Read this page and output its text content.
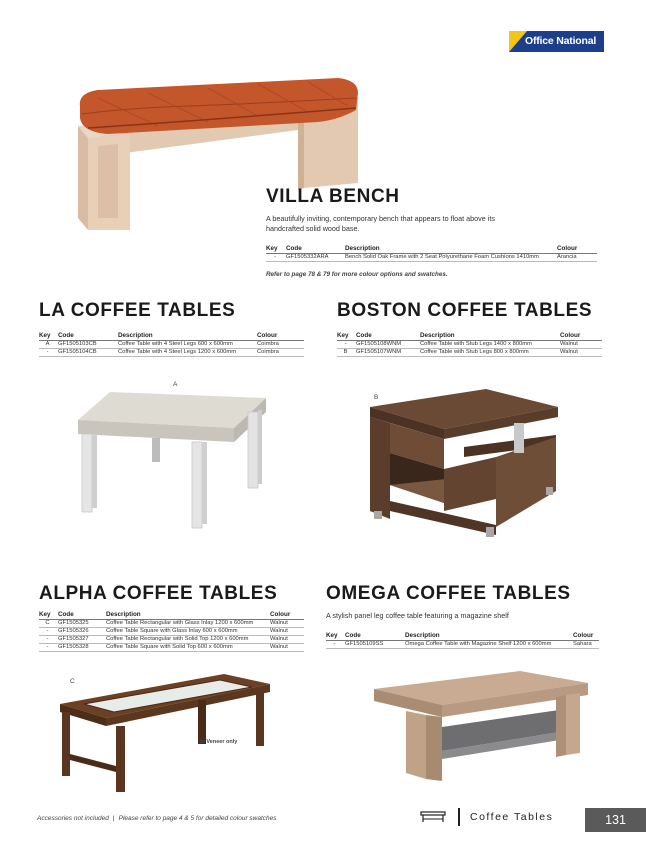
Office National
VILLA BENCH
A beautifully inviting, contemporary bench that appears to float above its handcrafted solid wood base.
Key	Code	Description	Colour
-	GF1505332ARA	Bench Solid Oak Frame with 2 Seat Polyurethane Foam Cushions 1410mm	Arancia
Refer to page 78 & 79 for more colour options and swatches.
LA COFFEE TABLES
Key	Code	Description	Colour
A	GF1505103CB	Coffee Table with 4 Steel Legs 600 x 600mm	Coimbra
-	GF1505104CB	Coffee Table with 4 Steel Legs 1200 x 600mm	Coimbra
A
BOSTON COFFEE TABLES
Key	Code	Description	Colour
-	GF1505108WNM	Coffee Table with Stub Legs 1400 x 800mm	Walnut
B	GF1505107WNM	Coffee Table with Stub Legs 800 x 800mm	Walnut
B
ALPHA COFFEE TABLES
Key	Code	Description	Colour
C	GF1505325	Coffee Table Rectangular with Glass Inlay 1200 x 600mm	Walnut
-	GF1505326	Coffee Table Square with Glass Inlay 600 x 600mm	Walnut
-	GF1505327	Coffee Table Rectangular with Solid Top 1200 x 600mm	Walnut
-	GF1505328	Coffee Table Square with Solid Top 600 x 600mm	Walnut
C
In Veneer only
OMEGA COFFEE TABLES
A stylish panel leg coffee table featuring a magazine shelf
Key	Code	Description	Colour
-	GF1505109SS	Omega Coffee Table with Magazine Shelf 1200 x 600mm	Sahara
Accessories not included | Please refer to page 4 & 5 for detailed colour swatches	Coffee Tables	131
